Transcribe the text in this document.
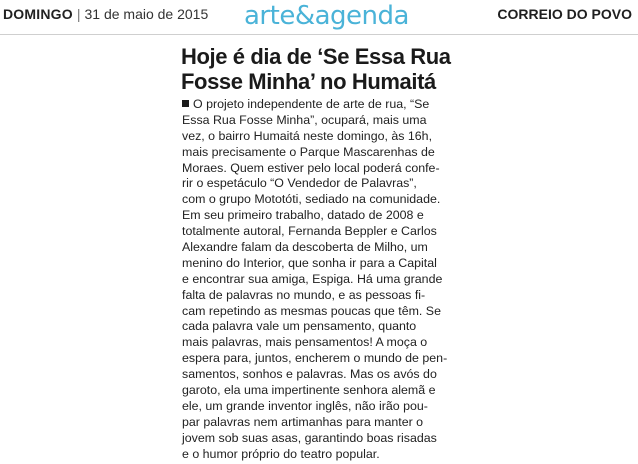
DOMINGO | 31 de maio de 2015 arte&agenda	CORREIO DO POVO
Hoje é dia de ‘Se Essa Rua
Fosse Minha’ no Humaitá
O projeto independente de arte de rua, “Se
Essa Rua Fosse Minha”, ocupará, mais uma
vez, o bairro Humaitá neste domingo, às 16h,
mais precisamente o Parque Mascarenhas de
Moraes. Quem estiver pelo local poderá confe-
rir o espetáculo “O Vendedor de Palavras”,
com o grupo Mototóti, sediado na comunidade.
Em seu primeiro trabalho, datado de 2008 e
totalmente autoral, Fernanda Beppler e Carlos
Alexandre falam da descoberta de Milho, um
menino do Interior, que sonha ir para a Capital
e encontrar sua amiga, Espiga. Há uma grande
falta de palavras no mundo, e as pessoas fi-
cam repetindo as mesmas poucas que têm. Se
cada palavra vale um pensamento, quanto
mais palavras, mais pensamentos! A moça o
espera para, juntos, encherem o mundo de pen-
samentos, sonhos e palavras. Mas os avós do
garoto, ela uma impertinente senhora alemã e
ele, um grande inventor inglês, não irão pou-
par palavras nem artimanhas para manter o
jovem sob suas asas, garantindo boas risadas
e o humor próprio do teatro popular.
